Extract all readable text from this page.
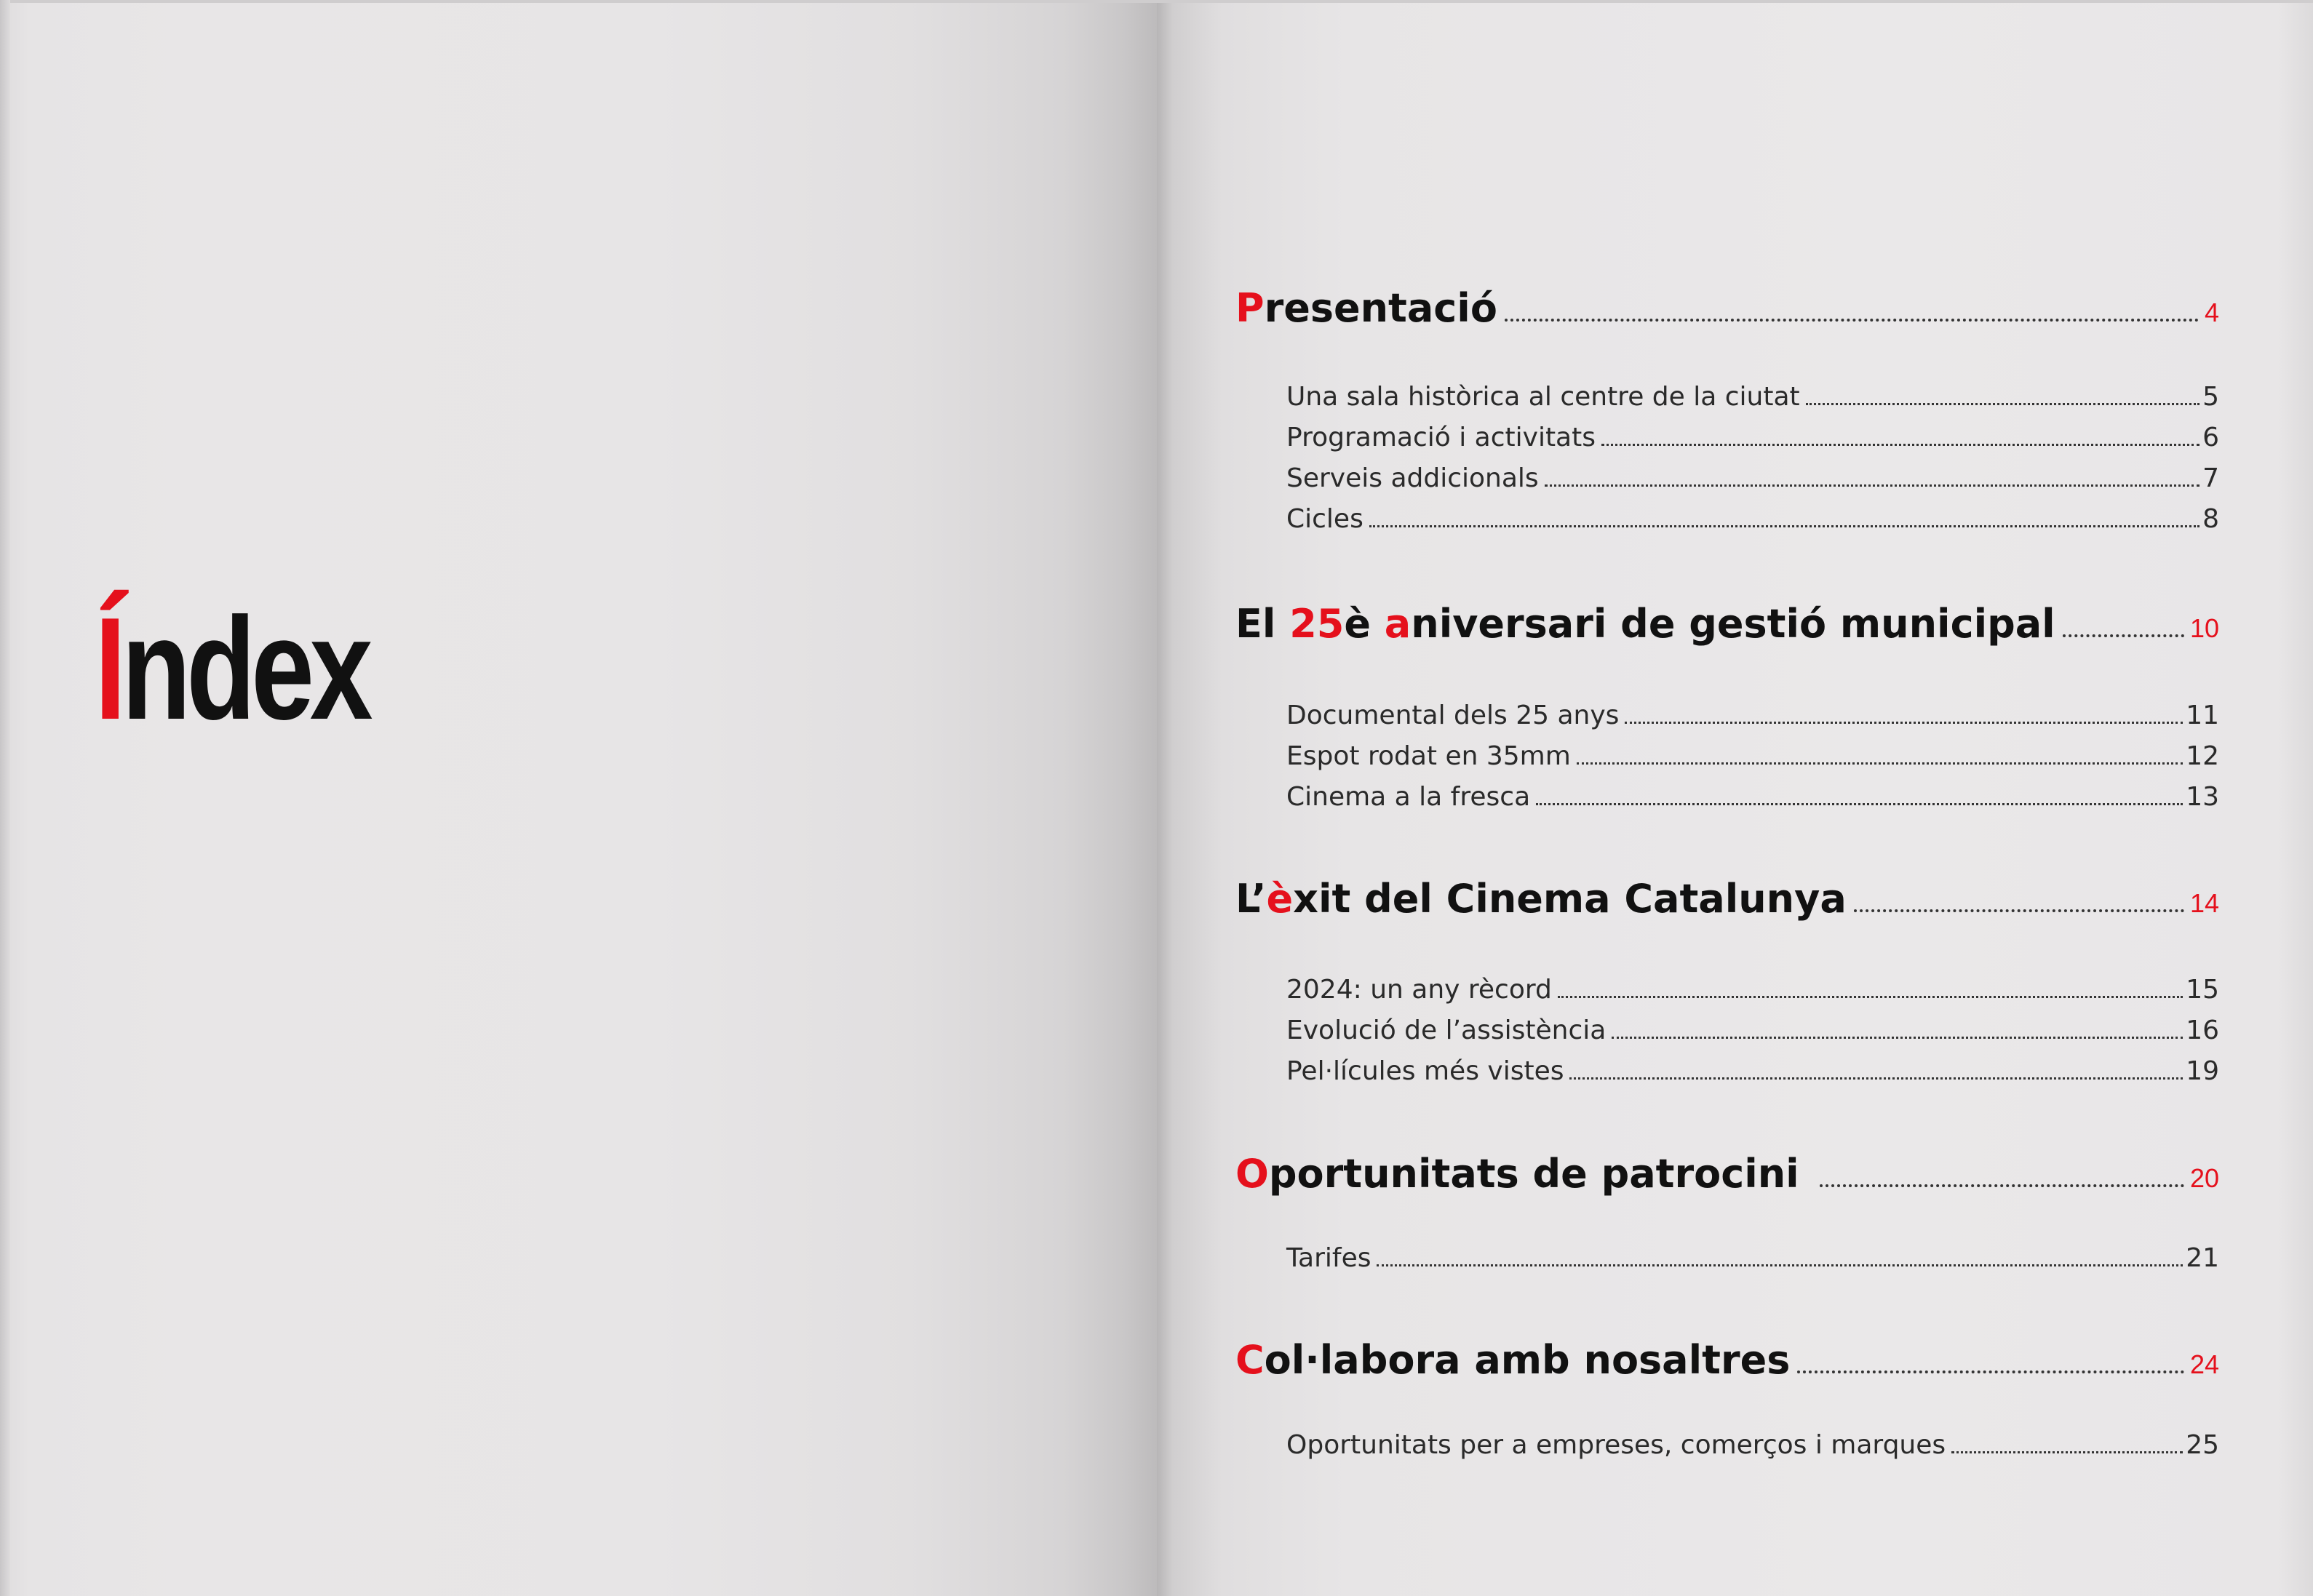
Índex
Presentació	4
Una sala històrica al centre de la ciutat	5
Programació i activitats	6
Serveis addicionals	7
Cicles	8
El 25è aniversari de gestió municipal	10
Documental dels 25 anys	11
Espot rodat en 35mm	12
Cinema a la fresca	13
L’èxit del Cinema Catalunya	14
2024: un any rècord	15
Evolució de l’assistència	16
Pel·lícules més vistes	19
Oportunitats de patrocini	20
Tarifes	21
Col·labora amb nosaltres	24
Oportunitats per a empreses, comerços i marques	25
